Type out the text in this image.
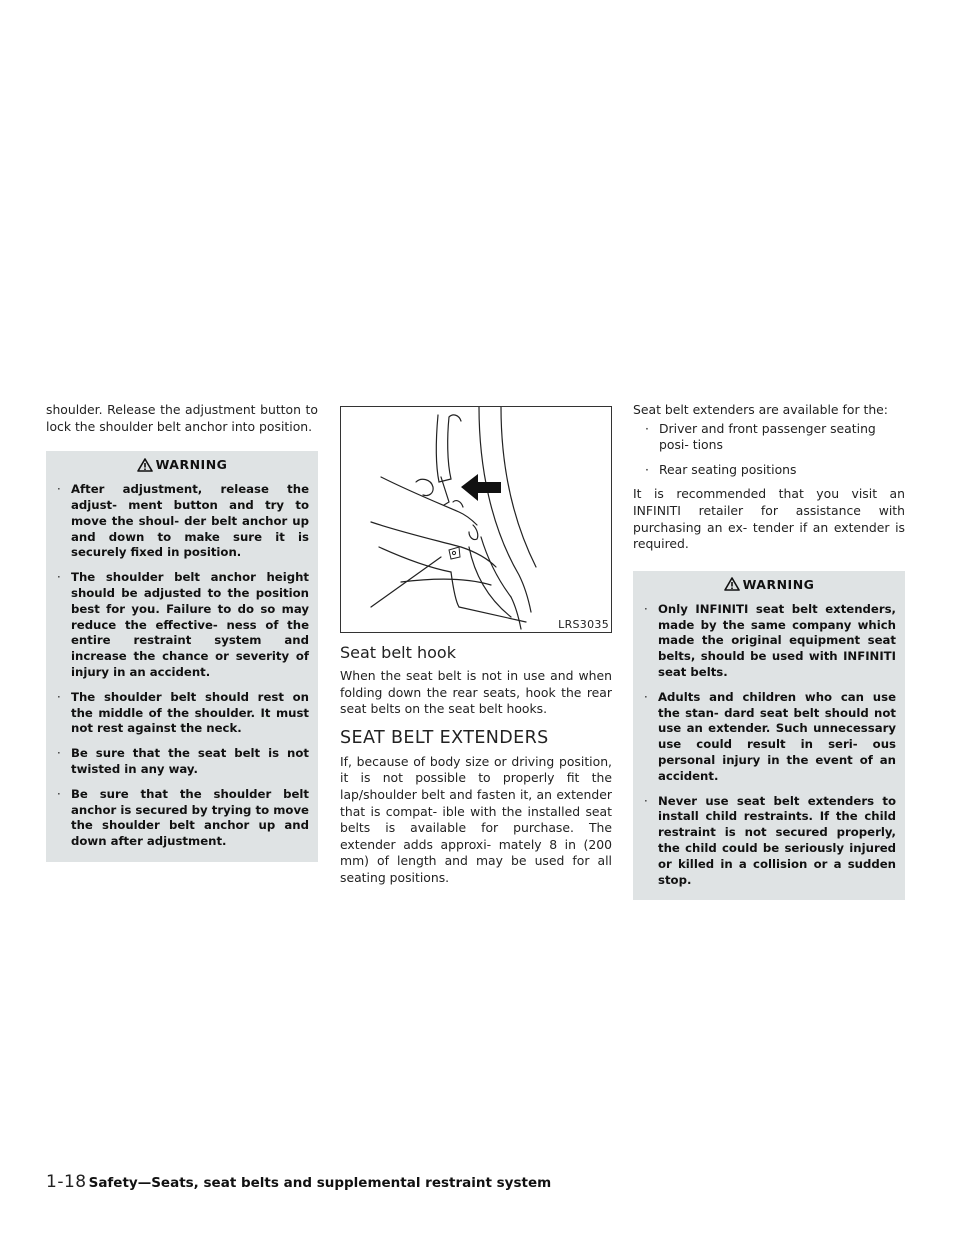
shoulder. Release the adjustment button to lock the shoulder belt anchor into position.

WARNING
· After adjustment, release the adjust- ment button and try to move the shoul- der belt anchor up and down to make sure it is securely fixed in position.
· The shoulder belt anchor height should be adjusted to the position best for you. Failure to do so may reduce the effective- ness of the entire restraint system and increase the chance or severity of injury in an accident.
· The shoulder belt should rest on the middle of the shoulder. It must not rest against the neck.
· Be sure that the seat belt is not twisted in any way.
· Be sure that the shoulder belt anchor is secured by trying to move the shoulder belt anchor up and down after adjustment.
LRS3035
Seat belt hook

When the seat belt is not in use and when folding down the rear seats, hook the rear seat belts on the seat belt hooks.

SEAT BELT EXTENDERS

If, because of body size or driving position, it is not possible to properly fit the lap/shoulder belt and fasten it, an extender that is compat- ible with the installed seat belts is available for purchase. The extender adds approxi- mately 8 in (200 mm) of length and may be used for all seating positions.

Seat belt extenders are available for the:

· Driver and front passenger seating posi- tions
· Rear seating positions

It is recommended that you visit an INFINITI retailer for assistance with purchasing an ex- tender if an extender is required.

WARNING
· Only INFINITI seat belt extenders, made by the same company which made the original equipment seat belts, should be used with INFINITI seat belts.
· Adults and children who can use the stan- dard seat belt should not use an extender. Such unnecessary use could result in seri- ous personal injury in the event of an accident.
· Never use seat belt extenders to install child restraints. If the child restraint is not secured properly, the child could be seriously injured or killed in a collision or a sudden stop.
1-18 Safety—Seats, seat belts and supplemental restraint system
